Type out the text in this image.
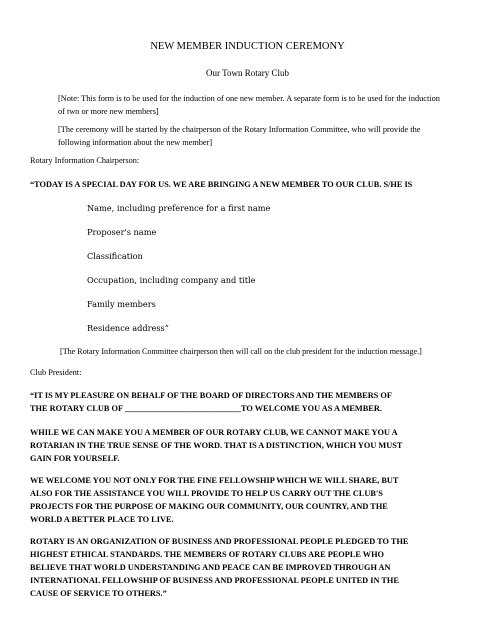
NEW MEMBER INDUCTION CEREMONY
Our Town Rotary Club
[Note: This form is to be used for the induction of one new member. A separate form is to be used for the induction of two or more new members]
[The ceremony will be started by the chairperson of the Rotary Information Committee, who will provide the following information about the new member]
Rotary Information Chairperson:
“TODAY IS A SPECIAL DAY FOR US. WE ARE BRINGING A NEW MEMBER TO OUR CLUB. S/HE IS
Name, including preference for a first name
Proposer's name
Classification
Occupation, including company and title
Family members
Residence address”
[The Rotary Information Committee chairperson then will call on the club president for the induction message.]
Club President:
“IT IS MY PLEASURE ON BEHALF OF THE BOARD OF DIRECTORS AND THE MEMBERS OF
THE ROTARY CLUB OF ____________________________TO WELCOME YOU AS A MEMBER.
WHILE WE CAN MAKE YOU A MEMBER OF OUR ROTARY CLUB, WE CANNOT MAKE YOU A
ROTARIAN IN THE TRUE SENSE OF THE WORD. THAT IS A DISTINCTION, WHICH YOU MUST
GAIN FOR YOURSELF.
WE WELCOME YOU NOT ONLY FOR THE FINE FELLOWSHIP WHICH WE WILL SHARE, BUT
ALSO FOR THE ASSISTANCE YOU WILL PROVIDE TO HELP US CARRY OUT THE CLUB'S
PROJECTS FOR THE PURPOSE OF MAKING OUR COMMUNITY, OUR COUNTRY, AND THE
WORLD A BETTER PLACE TO LIVE.
ROTARY IS AN ORGANIZATION OF BUSINESS AND PROFESSIONAL PEOPLE PLEDGED TO THE
HIGHEST ETHICAL STANDARDS. THE MEMBERS OF ROTARY CLUBS ARE PEOPLE WHO
BELIEVE THAT WORLD UNDERSTANDING AND PEACE CAN BE IMPROVED THROUGH AN
INTERNATIONAL FELLOWSHIP OF BUSINESS AND PROFESSIONAL PEOPLE UNITED IN THE
CAUSE OF SERVICE TO OTHERS.”
